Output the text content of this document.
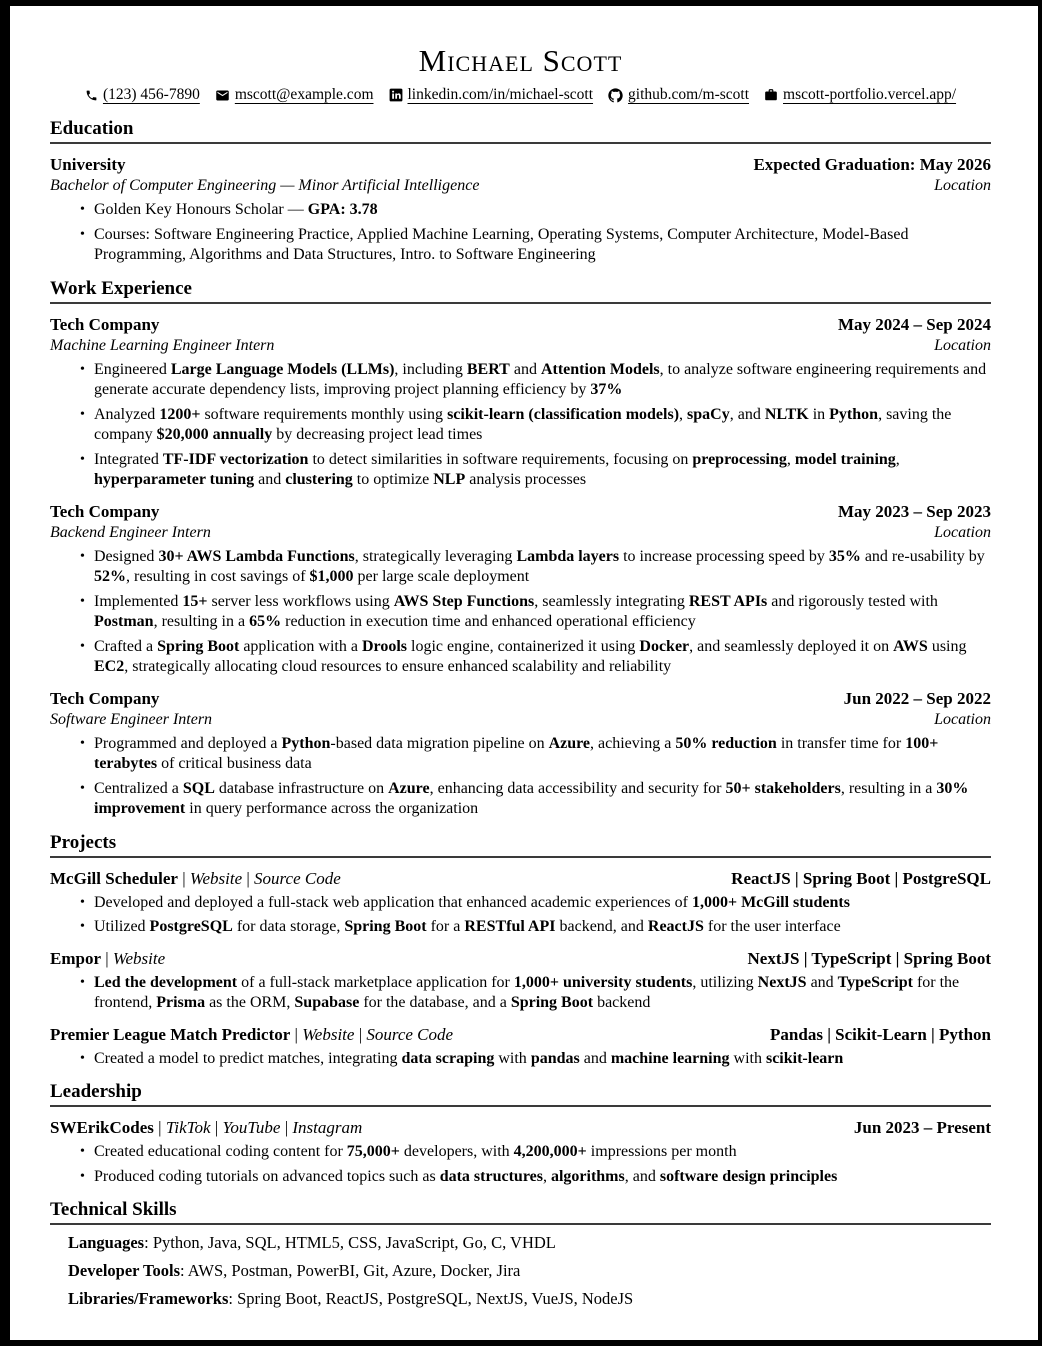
Michael Scott
(123) 456-7890 mscott@example.com linkedin.com/in/michael-scott github.com/m-scott mscott-portfolio.vercel.app/
Education
University	Expected Graduation: May 2026
Bachelor of Computer Engineering — Minor Artificial Intelligence	Location
• Golden Key Honours Scholar — GPA: 3.78
• Courses: Software Engineering Practice, Applied Machine Learning, Operating Systems, Computer Architecture, Model-Based Programming, Algorithms and Data Structures, Intro. to Software Engineering
Work Experience
Tech Company	May 2024 – Sep 2024
Machine Learning Engineer Intern	Location
• Engineered Large Language Models (LLMs), including BERT and Attention Models, to analyze software engineering requirements and generate accurate dependency lists, improving project planning efficiency by 37%
• Analyzed 1200+ software requirements monthly using scikit-learn (classification models), spaCy, and NLTK in Python, saving the company $20,000 annually by decreasing project lead times
• Integrated TF-IDF vectorization to detect similarities in software requirements, focusing on preprocessing, model training, hyperparameter tuning and clustering to optimize NLP analysis processes
Tech Company	May 2023 – Sep 2023
Backend Engineer Intern	Location
• Designed 30+ AWS Lambda Functions, strategically leveraging Lambda layers to increase processing speed by 35% and re-usability by 52%, resulting in cost savings of $1,000 per large scale deployment
• Implemented 15+ server less workflows using AWS Step Functions, seamlessly integrating REST APIs and rigorously tested with Postman, resulting in a 65% reduction in execution time and enhanced operational efficiency
• Crafted a Spring Boot application with a Drools logic engine, containerized it using Docker, and seamlessly deployed it on AWS using EC2, strategically allocating cloud resources to ensure enhanced scalability and reliability
Tech Company	Jun 2022 – Sep 2022
Software Engineer Intern	Location
• Programmed and deployed a Python-based data migration pipeline on Azure, achieving a 50% reduction in transfer time for 100+ terabytes of critical business data
• Centralized a SQL database infrastructure on Azure, enhancing data accessibility and security for 50+ stakeholders, resulting in a 30% improvement in query performance across the organization
Projects
McGill Scheduler | Website | Source Code	ReactJS | Spring Boot | PostgreSQL
• Developed and deployed a full-stack web application that enhanced academic experiences of 1,000+ McGill students
• Utilized PostgreSQL for data storage, Spring Boot for a RESTful API backend, and ReactJS for the user interface
Empor | Website	NextJS | TypeScript | Spring Boot
• Led the development of a full-stack marketplace application for 1,000+ university students, utilizing NextJS and TypeScript for the frontend, Prisma as the ORM, Supabase for the database, and a Spring Boot backend
Premier League Match Predictor | Website | Source Code	Pandas | Scikit-Learn | Python
• Created a model to predict matches, integrating data scraping with pandas and machine learning with scikit-learn
Leadership
SWErikCodes | TikTok | YouTube | Instagram	Jun 2023 – Present
• Created educational coding content for 75,000+ developers, with 4,200,000+ impressions per month
• Produced coding tutorials on advanced topics such as data structures, algorithms, and software design principles
Technical Skills
Languages: Python, Java, SQL, HTML5, CSS, JavaScript, Go, C, VHDL
Developer Tools: AWS, Postman, PowerBI, Git, Azure, Docker, Jira
Libraries/Frameworks: Spring Boot, ReactJS, PostgreSQL, NextJS, VueJS, NodeJS
